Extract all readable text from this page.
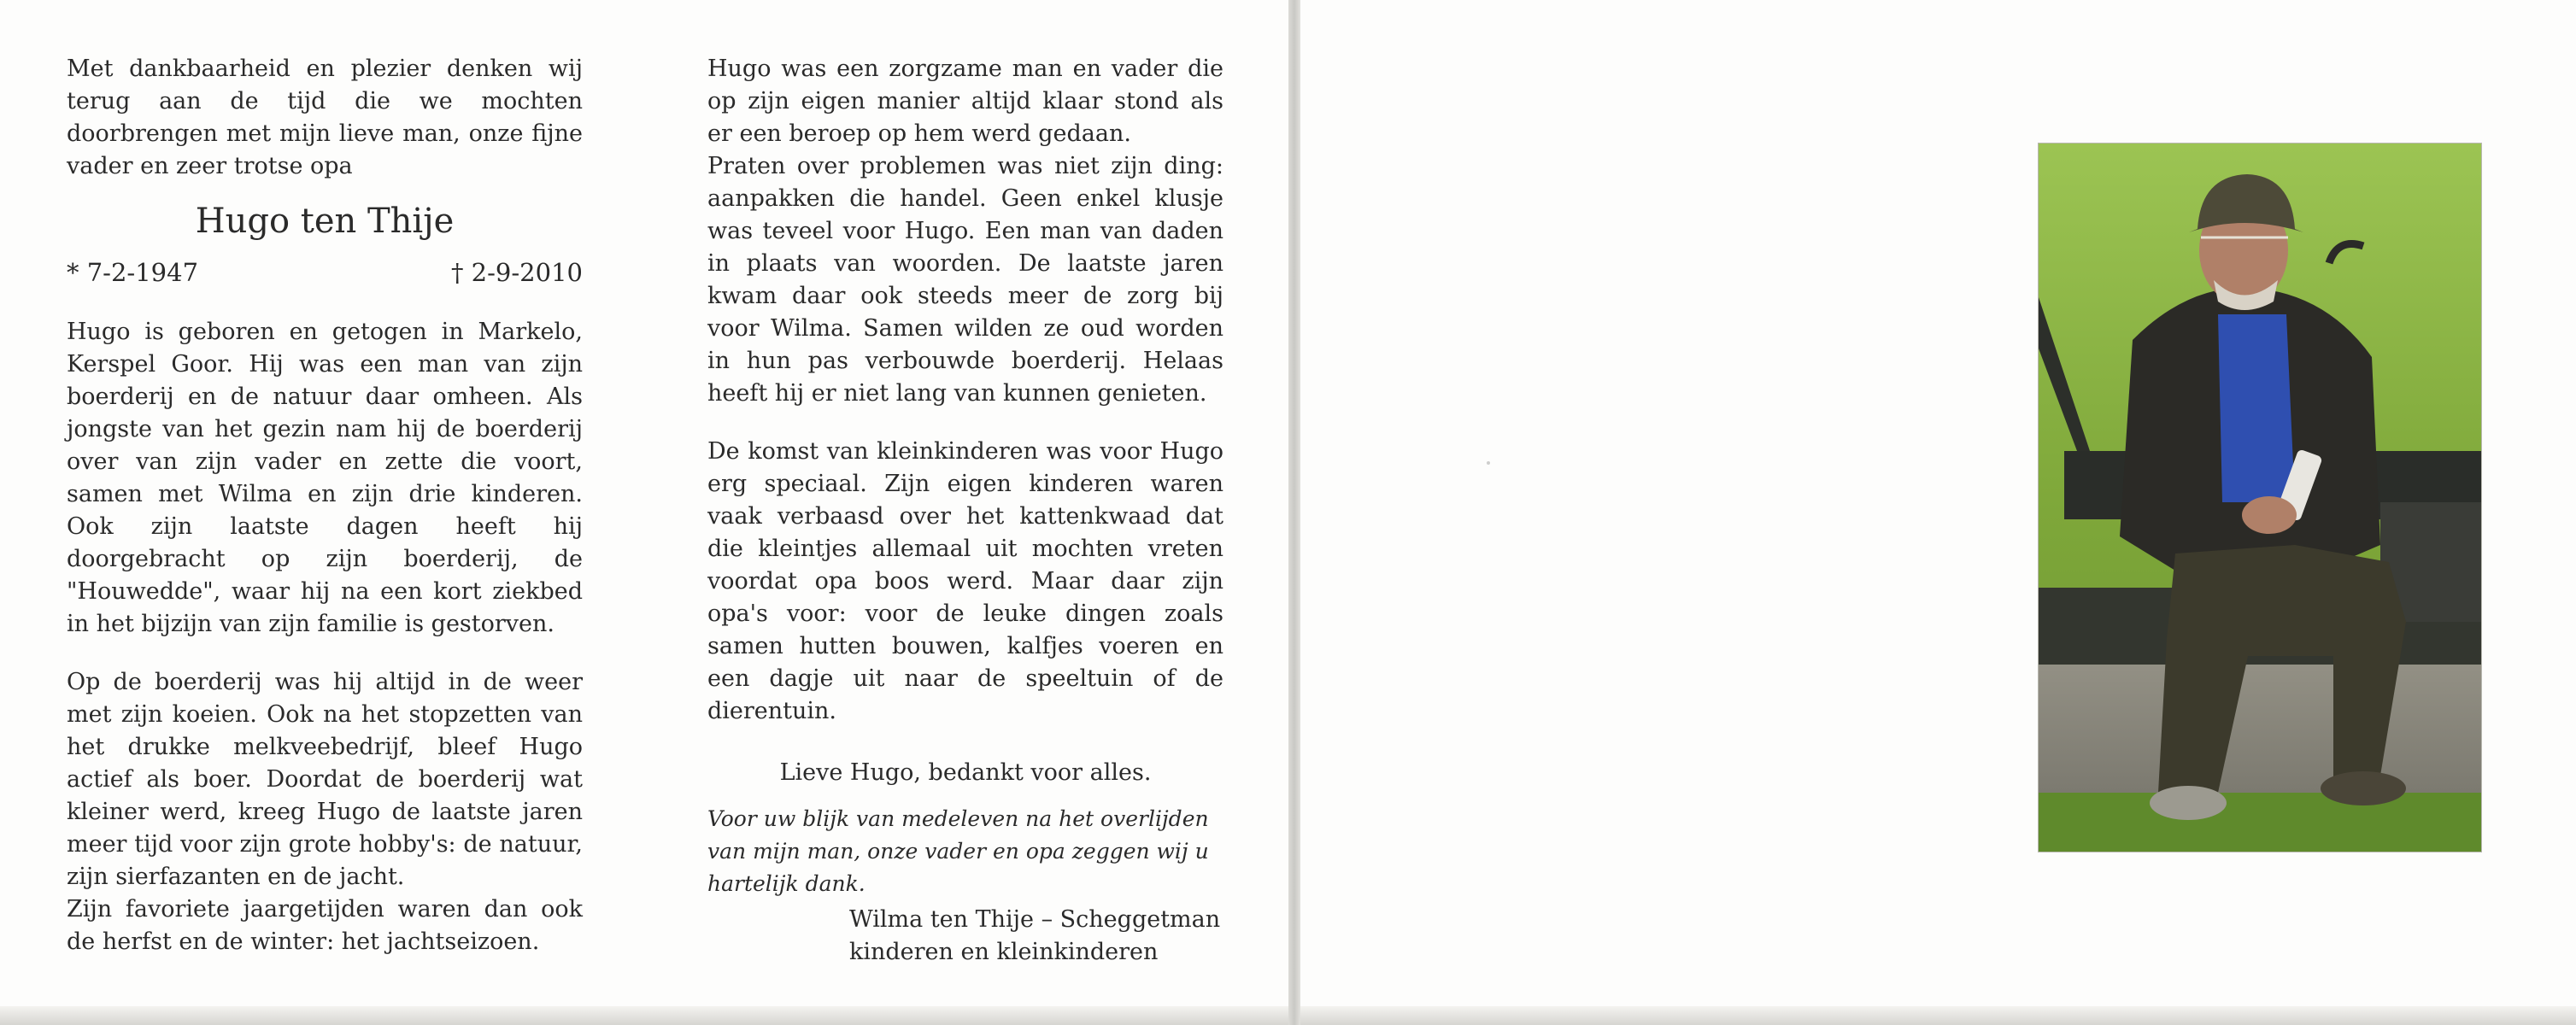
Met dankbaarheid en plezier denken wij terug aan de tijd die we mochten doorbrengen met mijn lieve man, onze fijne vader en zeer trotse opa

Hugo ten Thije
* 7-2-1947	† 2-9-2010

Hugo is geboren en getogen in Markelo, Kerspel Goor. Hij was een man van zijn boerderij en de natuur daar omheen. Als jongste van het gezin nam hij de boerderij over van zijn vader en zette die voort, samen met Wilma en zijn drie kinderen. Ook zijn laatste dagen heeft hij doorgebracht op zijn boerderij, de "Houwedde", waar hij na een kort ziekbed in het bijzijn van zijn familie is gestorven.

Op de boerderij was hij altijd in de weer met zijn koeien. Ook na het stopzetten van het drukke melkveebedrijf, bleef Hugo actief als boer. Doordat de boerderij wat kleiner werd, kreeg Hugo de laatste jaren meer tijd voor zijn grote hobby's: de natuur, zijn sierfazanten en de jacht.

Zijn favoriete jaargetijden waren dan ook de herfst en de winter: het jachtseizoen.

Hugo was een zorgzame man en vader die op zijn eigen manier altijd klaar stond als er een beroep op hem werd gedaan.

Praten over problemen was niet zijn ding: aanpakken die handel. Geen enkel klusje was teveel voor Hugo. Een man van daden in plaats van woorden. De laatste jaren kwam daar ook steeds meer de zorg bij voor Wilma. Samen wilden ze oud worden in hun pas verbouwde boerderij. Helaas heeft hij er niet lang van kunnen genieten.

De komst van kleinkinderen was voor Hugo erg speciaal. Zijn eigen kinderen waren vaak verbaasd over het kattenkwaad dat die kleintjes allemaal uit mochten vreten voordat opa boos werd. Maar daar zijn opa's voor: voor de leuke dingen zoals samen hutten bouwen, kalfjes voeren en een dagje uit naar de speeltuin of de dierentuin.

Lieve Hugo, bedankt voor alles.

Voor uw blijk van medeleven na het overlijden van mijn man, onze vader en opa zeggen wij u hartelijk dank.

Wilma ten Thije – Scheggetman
kinderen en kleinkinderen
